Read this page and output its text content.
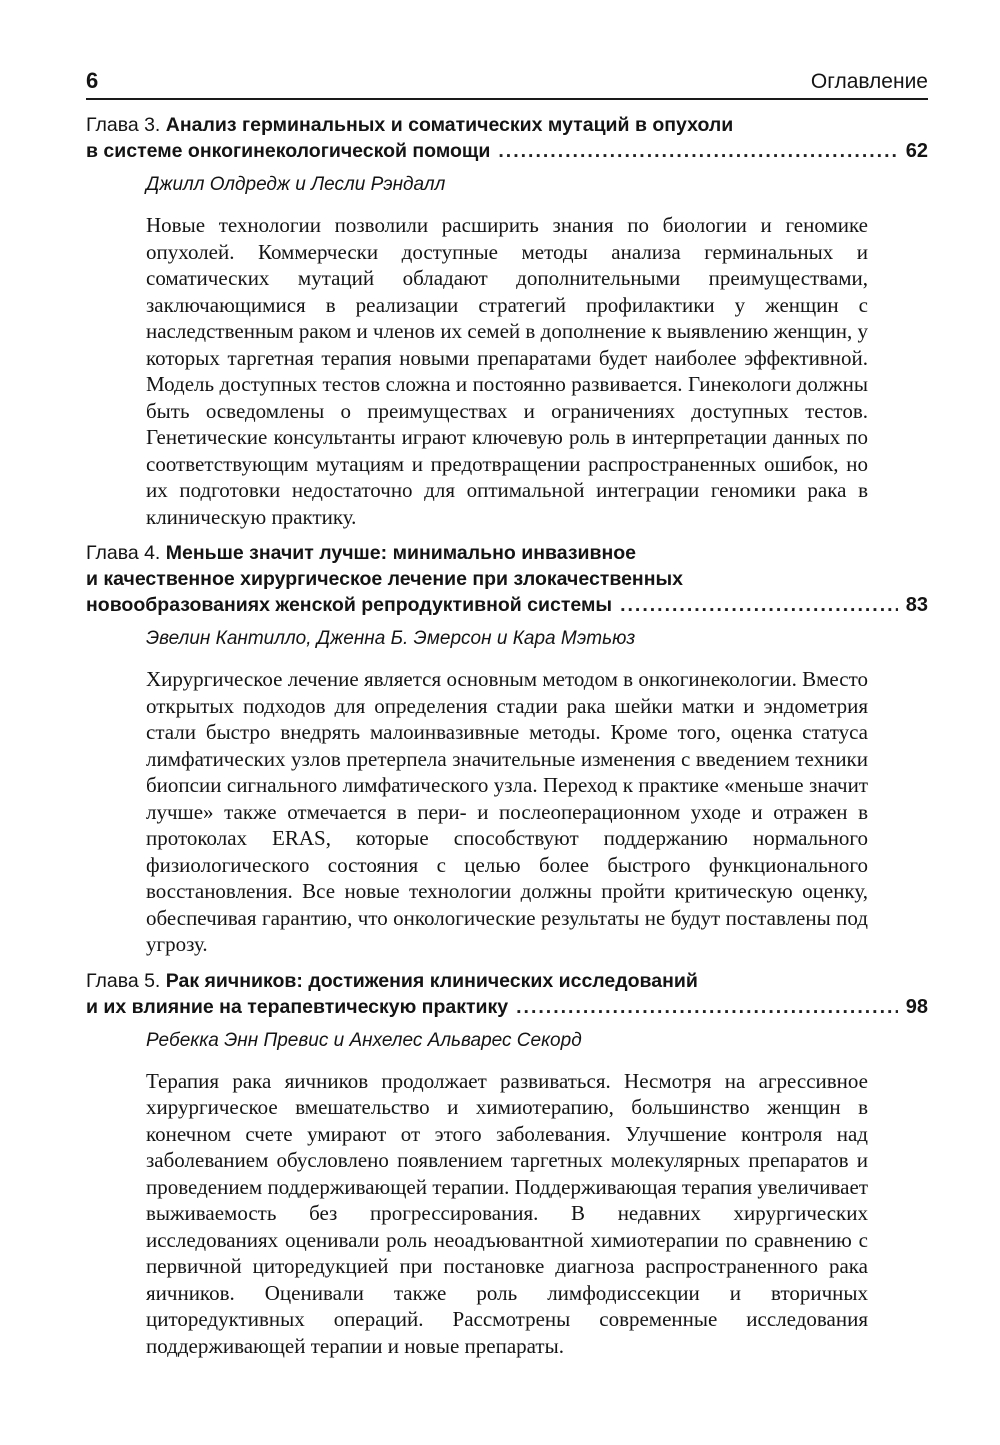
6	Оглавление
Глава 3. Анализ герминальных и соматических мутаций в опухоли
в системе онкогинекологической помощи .....	62
Джилл Олдредж и Лесли Рэндалл
Новые технологии позволили расширить знания по биологии и геномике опухолей. Коммерчески доступные методы анализа герминальных и соматических мутаций обладают дополнительными преимуществами, заключающимися в реализации стратегий профилактики у женщин с наследственным раком и членов их семей в дополнение к выявлению женщин, у которых таргетная терапия новыми препаратами будет наиболее эффективной. Модель доступных тестов сложна и постоянно развивается. Гинекологи должны быть осведомлены о преимуществах и ограничениях доступных тестов. Генетические консультанты играют ключевую роль в интерпретации данных по соответствующим мутациям и предотвращении распространенных ошибок, но их подготовки недостаточно для оптимальной интеграции геномики рака в клиническую практику.
Глава 4. Меньше значит лучше: минимально инвазивное
и качественное хирургическое лечение при злокачественных
новообразованиях женской репродуктивной системы .....	83
Эвелин Кантилло, Дженна Б. Эмерсон и Кара Мэтьюз
Хирургическое лечение является основным методом в онкогинекологии. Вместо открытых подходов для определения стадии рака шейки матки и эндометрия стали быстро внедрять малоинвазивные методы. Кроме того, оценка статуса лимфатических узлов претерпела значительные изменения с введением техники биопсии сигнального лимфатического узла. Переход к практике «меньше значит лучше» также отмечается в пери- и послеоперационном уходе и отражен в протоколах ERAS, которые способствуют поддержанию нормального физиологического состояния с целью более быстрого функционального восстановления. Все новые технологии должны пройти критическую оценку, обеспечивая гарантию, что онкологические результаты не будут поставлены под угрозу.
Глава 5. Рак яичников: достижения клинических исследований
и их влияние на терапевтическую практику .....	98
Ребекка Энн Превис и Анхелес Альварес Секорд
Терапия рака яичников продолжает развиваться. Несмотря на агрессивное хирургическое вмешательство и химиотерапию, большинство женщин в конечном счете умирают от этого заболевания. Улучшение контроля над заболеванием обусловлено появлением таргетных молекулярных препаратов и проведением поддерживающей терапии. Поддерживающая терапия увеличивает выживаемость без прогрессирования. В недавних хирургических исследованиях оценивали роль неоадъювантной химиотерапии по сравнению с первичной циторедукцией при постановке диагноза распространенного рака яичников. Оценивали также роль лимфодиссекции и вторичных циторедуктивных операций. Рассмотрены современные исследования поддерживающей терапии и новые препараты.
